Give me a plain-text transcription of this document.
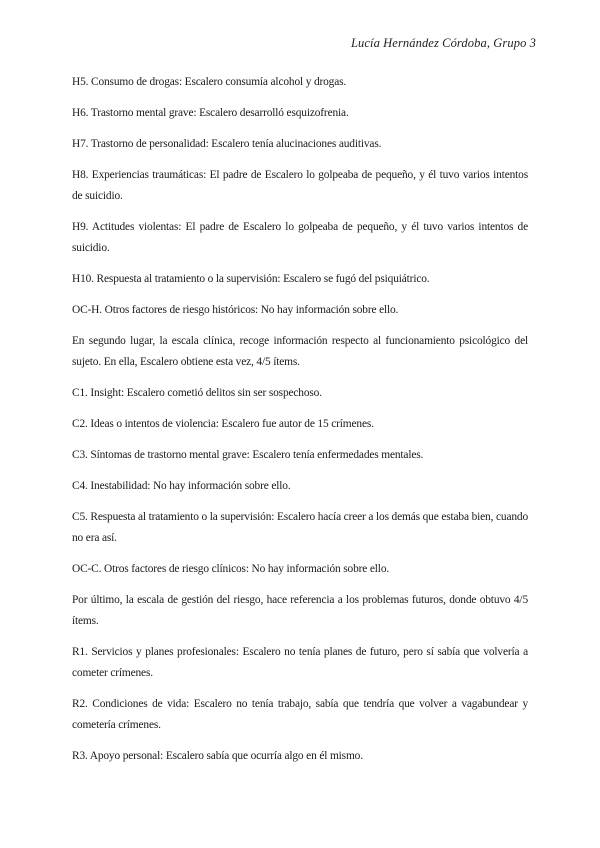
Lucía Hernández Córdoba, Grupo 3

H5. Consumo de drogas: Escalero consumía alcohol y drogas.

H6. Trastorno mental grave: Escalero desarrolló esquizofrenia.

H7. Trastorno de personalidad: Escalero tenía alucinaciones auditivas.

H8. Experiencias traumáticas: El padre de Escalero lo golpeaba de pequeño, y él tuvo varios intentos de suicidio.

H9. Actitudes violentas: El padre de Escalero lo golpeaba de pequeño, y él tuvo varios intentos de suicidio.

H10. Respuesta al tratamiento o la supervisión: Escalero se fugó del psiquiátrico.

OC-H. Otros factores de riesgo históricos: No hay información sobre ello.

En segundo lugar, la escala clínica, recoge información respecto al funcionamiento psicológico del sujeto. En ella, Escalero obtiene esta vez, 4/5 ítems.

C1. Insight: Escalero cometió delitos sin ser sospechoso.

C2. Ideas o intentos de violencia: Escalero fue autor de 15 crímenes.

C3. Síntomas de trastorno mental grave: Escalero tenía enfermedades mentales.

C4. Inestabilidad: No hay información sobre ello.

C5. Respuesta al tratamiento o la supervisión: Escalero hacía creer a los demás que estaba bien, cuando no era así.

OC-C. Otros factores de riesgo clínicos: No hay información sobre ello.

Por último, la escala de gestión del riesgo, hace referencia a los problemas futuros, donde obtuvo 4/5 ítems.

R1. Servicios y planes profesionales: Escalero no tenía planes de futuro, pero sí sabía que volvería a cometer crímenes.

R2. Condiciones de vida: Escalero no tenía trabajo, sabía que tendría que volver a vagabundear y cometería crímenes.

R3. Apoyo personal: Escalero sabía que ocurría algo en él mismo.
